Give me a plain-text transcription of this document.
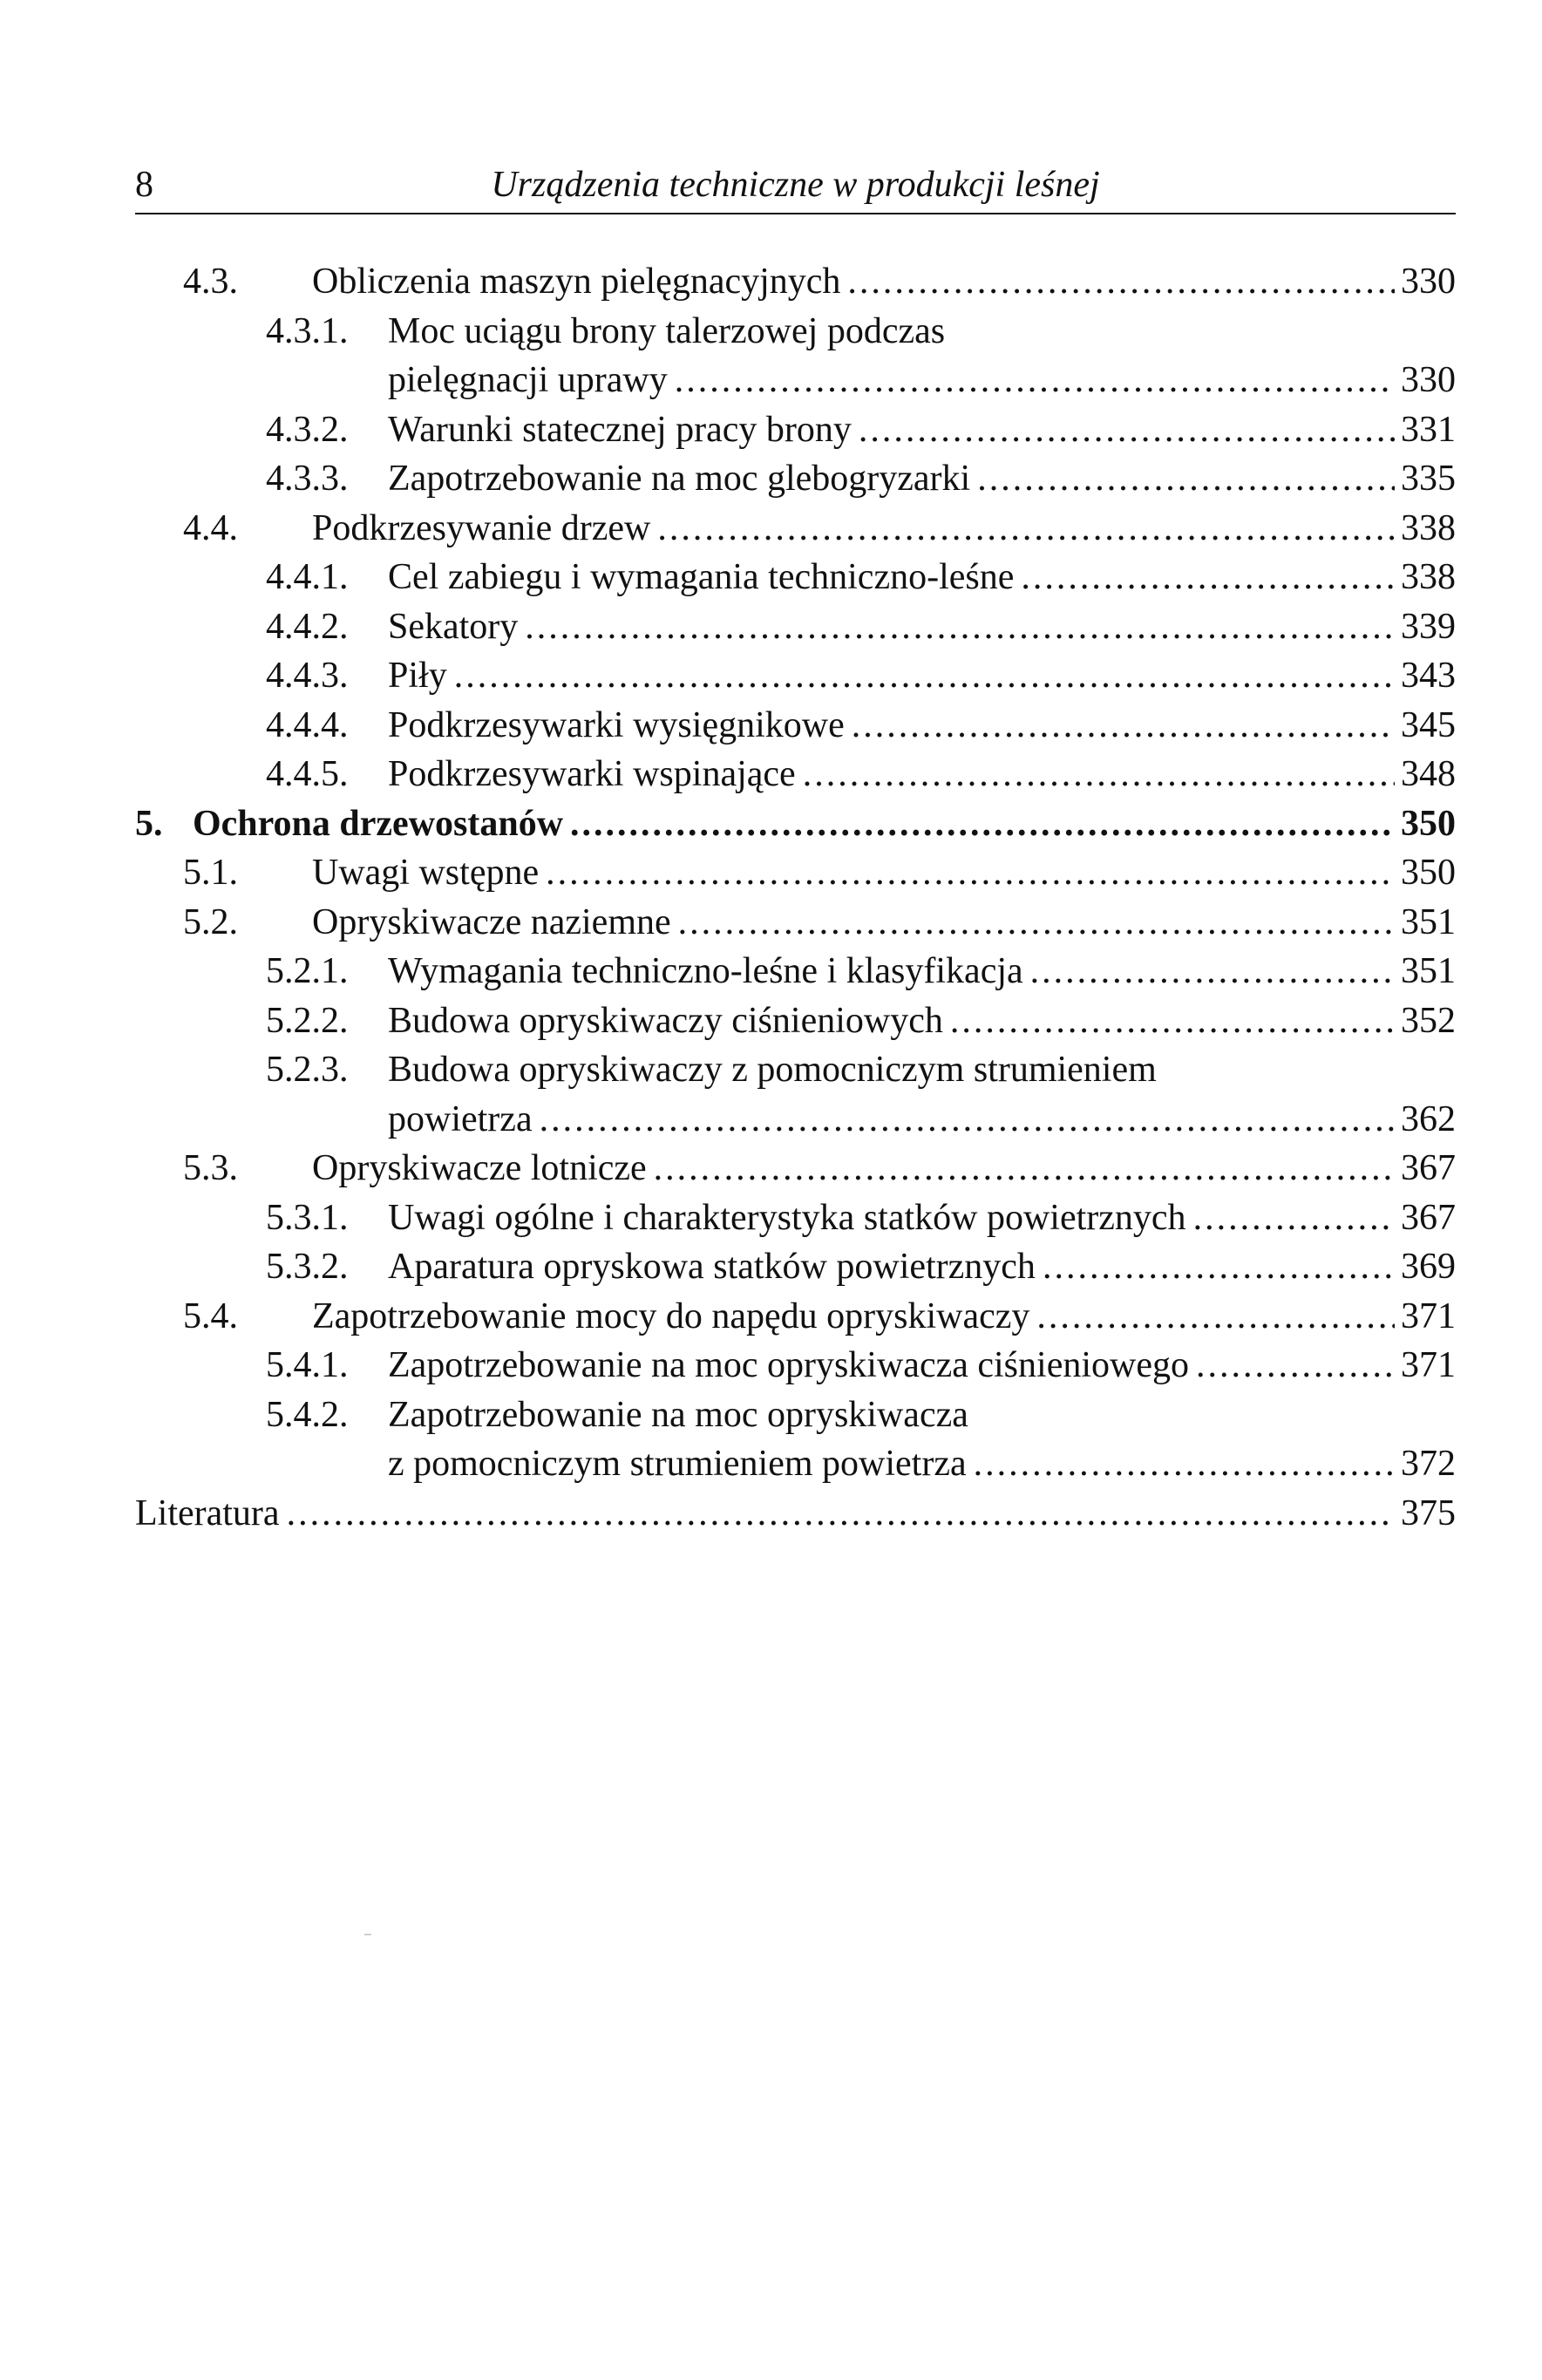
8	Urządzenia techniczne w produkcji leśnej
4.3.	Obliczenia maszyn pielęgnacyjnych .....	330
4.3.1.	Moc uciągu brony talerzowej podczas
pielęgnacji uprawy .....	330
4.3.2.	Warunki statecznej pracy brony .....	331
4.3.3.	Zapotrzebowanie na moc glebogryzarki .....	335
4.4.	Podkrzesywanie drzew .....	338
4.4.1.	Cel zabiegu i wymagania techniczno-leśne .....	338
4.4.2.	Sekatory .....	339
4.4.3.	Piły .....	343
4.4.4.	Podkrzesywarki wysięgnikowe .....	345
4.4.5.	Podkrzesywarki wspinające .....	348
5. Ochrona drzewostanów .....	350
5.1.	Uwagi wstępne .....	350
5.2.	Opryskiwacze naziemne .....	351
5.2.1.	Wymagania techniczno-leśne i klasyfikacja .....	351
5.2.2.	Budowa opryskiwaczy ciśnieniowych .....	352
5.2.3.	Budowa opryskiwaczy z pomocniczym strumieniem
powietrza .....	362
5.3.	Opryskiwacze lotnicze .....	367
5.3.1.	Uwagi ogólne i charakterystyka statków powietrznych .....	367
5.3.2.	Aparatura opryskowa statków powietrznych .....	369
5.4.	Zapotrzebowanie mocy do napędu opryskiwaczy .....	371
5.4.1.	Zapotrzebowanie na moc opryskiwacza ciśnieniowego .....	371
5.4.2.	Zapotrzebowanie na moc opryskiwacza
z pomocniczym strumieniem powietrza .....	372
Literatura .....	375
